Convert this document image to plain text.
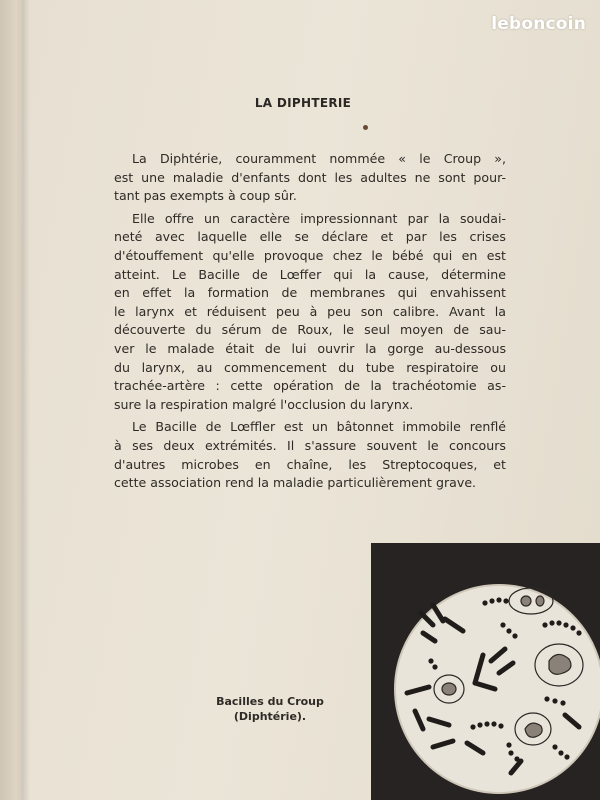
leboncoin
LA DIPHTERIE

La Diphtérie, couramment nommée « le Croup »,
est une maladie d'enfants dont les adultes ne sont pour-
tant pas exempts à coup sûr.

Elle offre un caractère impressionnant par la soudai-
neté avec laquelle elle se déclare et par les crises
d'étouffement qu'elle provoque chez le bébé qui en est
atteint. Le Bacille de Lœffer qui la cause, détermine
en effet la formation de membranes qui envahissent
le larynx et réduisent peu à peu son calibre. Avant la
découverte du sérum de Roux, le seul moyen de sau-
ver le malade était de lui ouvrir la gorge au-dessous
du larynx, au commencement du tube respiratoire ou
trachée-artère : cette opération de la trachéotomie as-
sure la respiration malgré l'occlusion du larynx.

Le Bacille de Lœffler est un bâtonnet immobile renflé
à ses deux extrémités. Il s'assure souvent le concours
d'autres microbes en chaîne, les Streptocoques, et
cette association rend la maladie particulièrement grave.

Bacilles du Croup
(Diphtérie).
